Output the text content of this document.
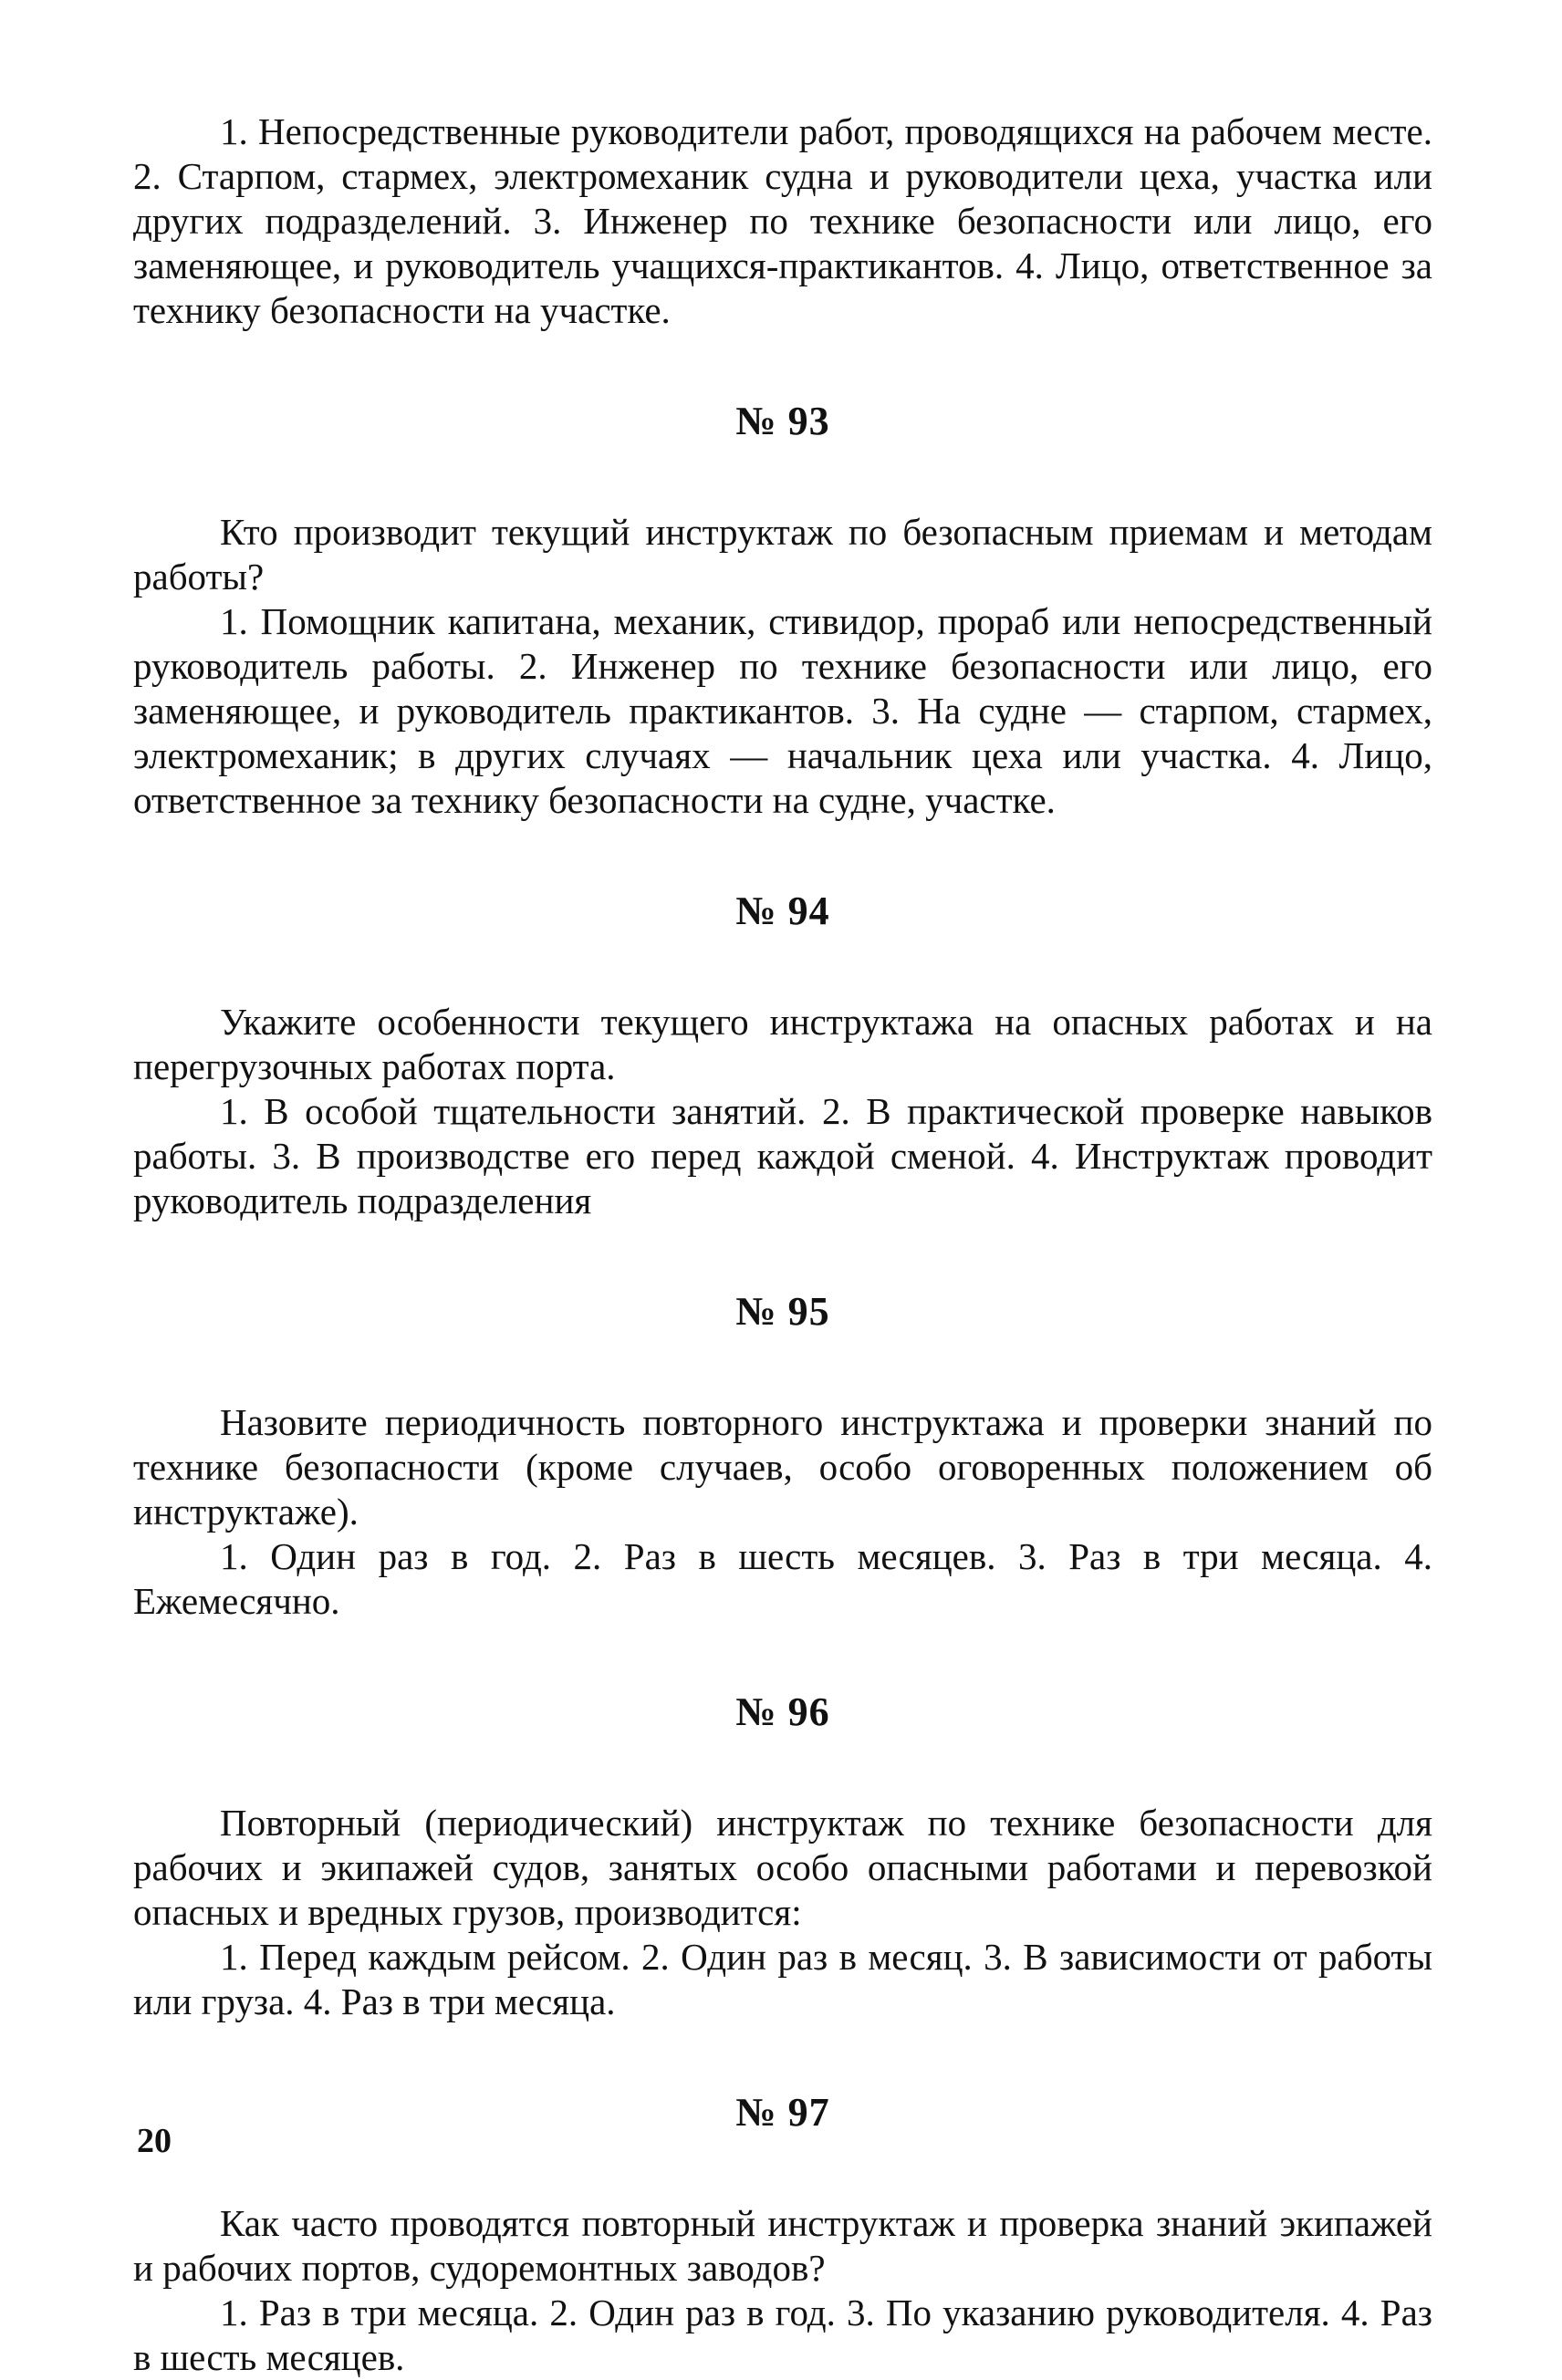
1. Непосредственные руководители работ, проводящихся на рабочем месте. 2. Старпом, стармех, электромеханик судна и руководители цеха, участка или других подразделений. 3. Инженер по технике безопасности или лицо, его заменяющее, и руководитель учащихся-практикантов. 4. Лицо, ответственное за технику безопасности на участке.

№ 93

Кто производит текущий инструктаж по безопасным приемам и методам работы?

1. Помощник капитана, механик, стивидор, прораб или непосредственный руководитель работы. 2. Инженер по технике безопасности или лицо, его заменяющее, и руководитель практикантов. 3. На судне — старпом, стармех, электромеханик; в других случаях — начальник цеха или участка. 4. Лицо, ответственное за технику безопасности на судне, участке.

№ 94

Укажите особенности текущего инструктажа на опасных работах и на перегрузочных работах порта.

1. В особой тщательности занятий. 2. В практической проверке навыков работы. 3. В производстве его перед каждой сменой. 4. Инструктаж проводит руководитель подразделения

№ 95

Назовите периодичность повторного инструктажа и проверки знаний по технике безопасности (кроме случаев, особо оговоренных положением об инструктаже).

1. Один раз в год. 2. Раз в шесть месяцев. 3. Раз в три месяца. 4. Ежемесячно.

№ 96

Повторный (периодический) инструктаж по технике безопасности для рабочих и экипажей судов, занятых особо опасными работами и перевозкой опасных и вредных грузов, производится:

1. Перед каждым рейсом. 2. Один раз в месяц. 3. В зависимости от работы или груза. 4. Раз в три месяца.

№ 97

Как часто проводятся повторный инструктаж и проверка знаний экипажей и рабочих портов, судоремонтных заводов?

1. Раз в три месяца. 2. Один раз в год. 3. По указанию руководителя. 4. Раз в шесть месяцев.

20
